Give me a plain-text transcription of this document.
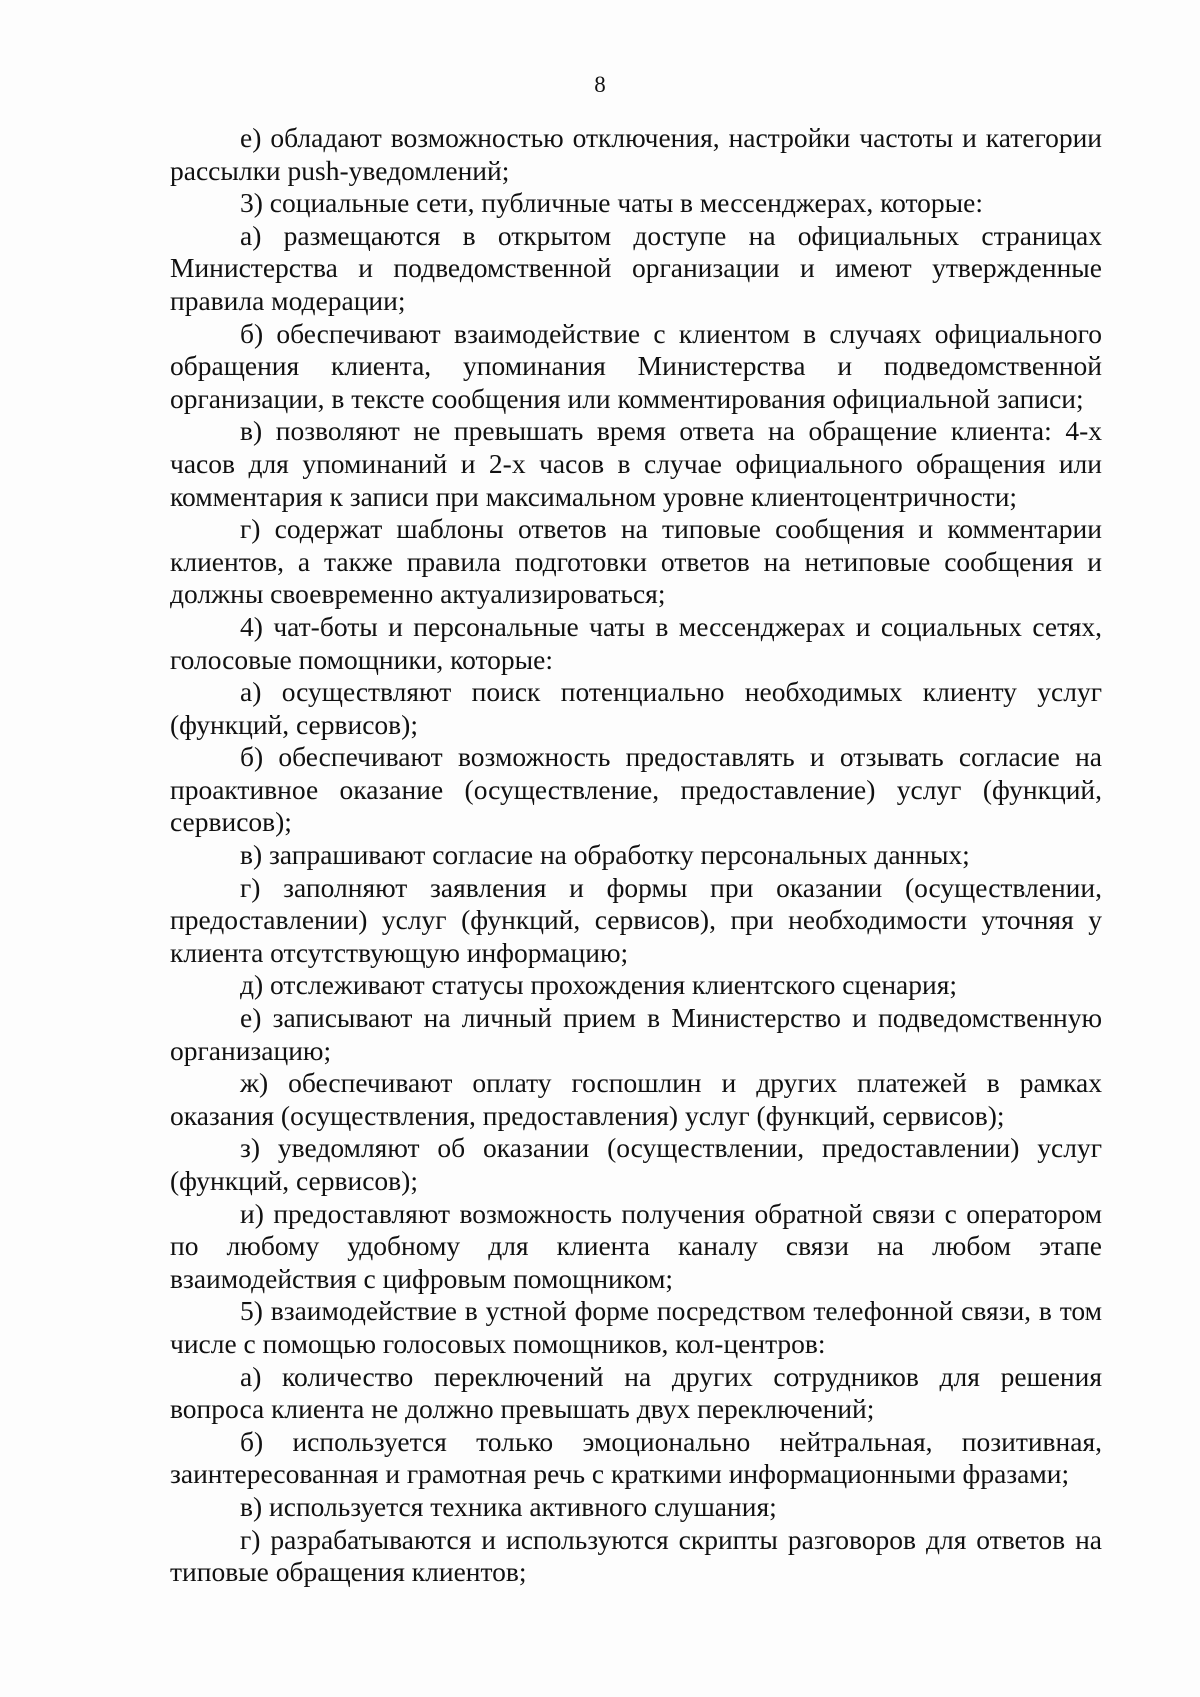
8

е) обладают возможностью отключения, настройки частоты и категории рассылки push-уведомлений;

3) социальные сети, публичные чаты в мессенджерах, которые:

а) размещаются в открытом доступе на официальных страницах Министерства и подведомственной организации и имеют утвержденные правила модерации;

б) обеспечивают взаимодействие с клиентом в случаях официального обращения клиента, упоминания Министерства и подведомственной организации, в тексте сообщения или комментирования официальной записи;

в) позволяют не превышать время ответа на обращение клиента: 4-х часов для упоминаний и 2-х часов в случае официального обращения или комментария к записи при максимальном уровне клиентоцентричности;

г) содержат шаблоны ответов на типовые сообщения и комментарии клиентов, а также правила подготовки ответов на нетиповые сообщения и должны своевременно актуализироваться;

4) чат-боты и персональные чаты в мессенджерах и социальных сетях, голосовые помощники, которые:

а) осуществляют поиск потенциально необходимых клиенту услуг (функций, сервисов);

б) обеспечивают возможность предоставлять и отзывать согласие на проактивное оказание (осуществление, предоставление) услуг (функций, сервисов);

в) запрашивают согласие на обработку персональных данных;

г) заполняют заявления и формы при оказании (осуществлении, предоставлении) услуг (функций, сервисов), при необходимости уточняя у клиента отсутствующую информацию;

д) отслеживают статусы прохождения клиентского сценария;

е) записывают на личный прием в Министерство и подведомственную организацию;

ж) обеспечивают оплату госпошлин и других платежей в рамках оказания (осуществления, предоставления) услуг (функций, сервисов);

з) уведомляют об оказании (осуществлении, предоставлении) услуг (функций, сервисов);

и) предоставляют возможность получения обратной связи с оператором по любому удобному для клиента каналу связи на любом этапе взаимодействия с цифровым помощником;

5) взаимодействие в устной форме посредством телефонной связи, в том числе с помощью голосовых помощников, кол-центров:

а) количество переключений на других сотрудников для решения вопроса клиента не должно превышать двух переключений;

б) используется только эмоционально нейтральная, позитивная, заинтересованная и грамотная речь с краткими информационными фразами;

в) используется техника активного слушания;

г) разрабатываются и используются скрипты разговоров для ответов на типовые обращения клиентов;
